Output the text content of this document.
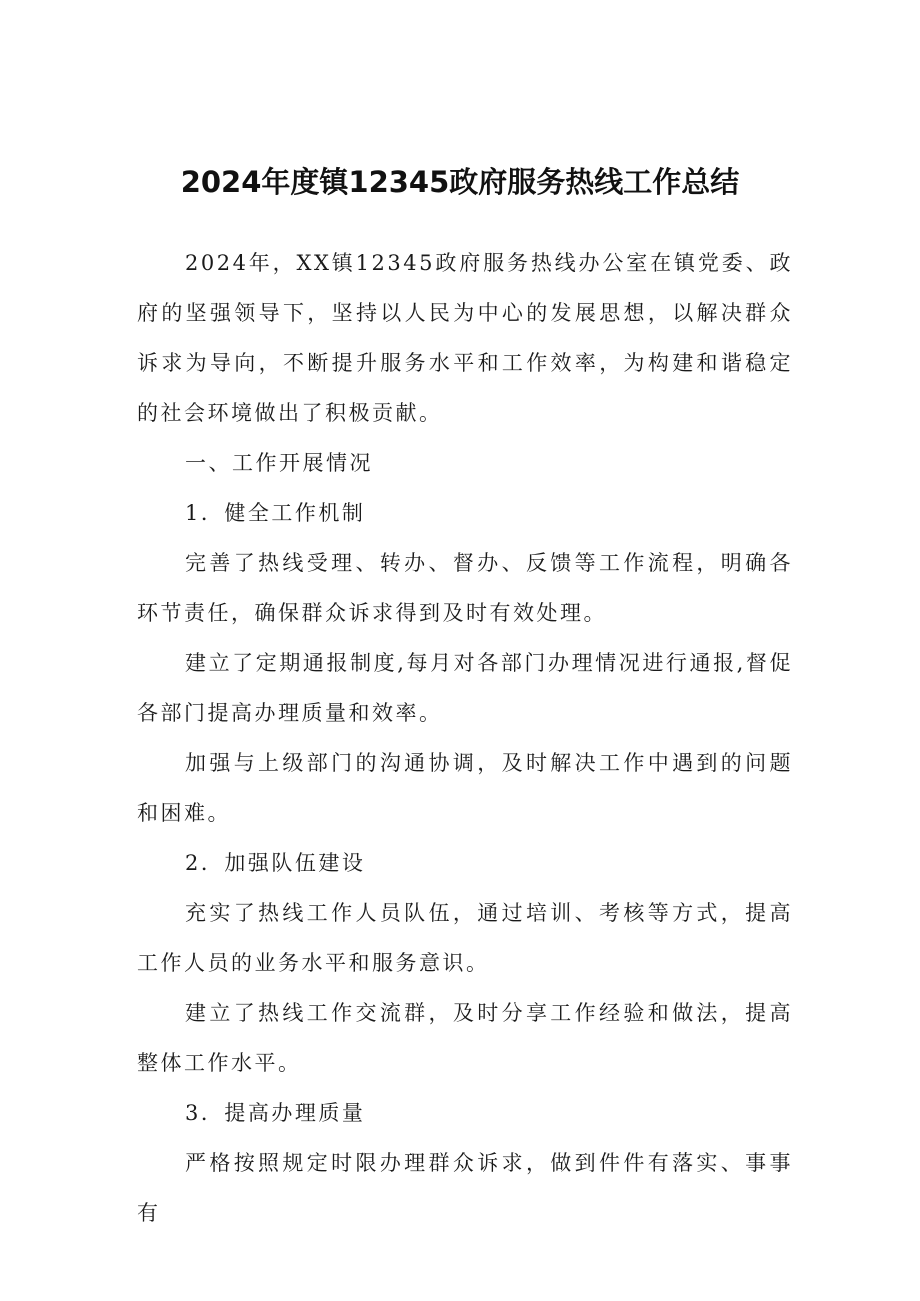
2024年度镇12345政府服务热线工作总结

2024年，XX镇12345政府服务热线办公室在镇党委、政府的坚强领导下，坚持以人民为中心的发展思想，以解决群众诉求为导向，不断提升服务水平和工作效率，为构建和谐稳定的社会环境做出了积极贡献。

一、工作开展情况

1．健全工作机制

完善了热线受理、转办、督办、反馈等工作流程，明确各环节责任，确保群众诉求得到及时有效处理。

建立了定期通报制度,每月对各部门办理情况进行通报,督促各部门提高办理质量和效率。

加强与上级部门的沟通协调，及时解决工作中遇到的问题和困难。

2．加强队伍建设

充实了热线工作人员队伍，通过培训、考核等方式，提高工作人员的业务水平和服务意识。

建立了热线工作交流群，及时分享工作经验和做法，提高整体工作水平。

3．提高办理质量

严格按照规定时限办理群众诉求，做到件件有落实、事事有
